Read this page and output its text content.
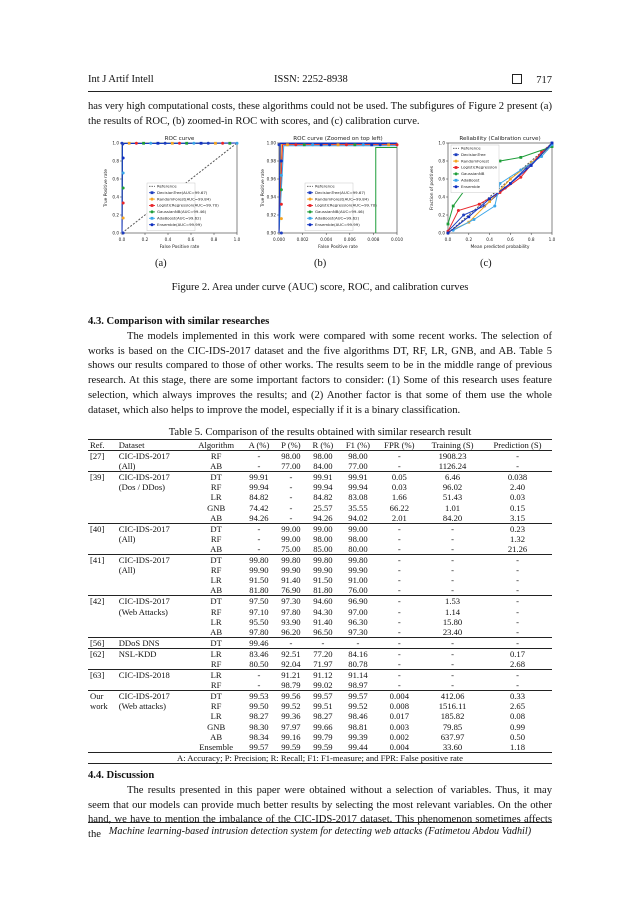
Int J Artif Intell	ISSN: 2252-8938	717

has very high computational costs, these algorithms could not be used. The subfigures of Figure 2 present (a) the results of ROC, (b) zoomed-in ROC with scores, and (c) calibration curve.

ROC curve
0.0	0.2	0.4	0.6	0.8	1.0
1.0
0.8
0.6
0.4
0.2
0.0
False Positive rate
True Positive rate
ROC curve (Zoomed on top left)
0.000	0.002	0.004	0.006	0.008	0.010
1.00
0.98
0.96
0.94
0.92
0.90
False Positive rate
True Positive rate
Reliability (Calibration curve)
0.0	0.2	0.4	0.6	0.8	1.0
1.0
0.8
0.6
0.4
0.2
0.0
Mean predicted probability
Fraction of positives
Reference
DecisionTree(AUC=99.67)
RandomForest(AUC=99.84)
LogisticRegression(AUC=99.70)
GaussianNB(AUC=99.46)
AdaBoost(AUC=99.62)
Ensemble(AUC=99.99)
Reference
DecisionTree(AUC=99.67)
RandomForest(AUC=99.84)
LogisticRegression(AUC=99.70)
GaussianNB(AUC=99.46)
AdaBoost(AUC=99.62)
Ensemble(AUC=99.99)
Reference
DecisionTree
RandomForest
LogisticRegression
GaussianNB
AdaBoost
Ensemble
(a)	(b)	(c)
Figure 2. Area under curve (AUC) score, ROC, and calibration curves
4.3. Comparison with similar researches

The models implemented in this work were compared with some recent works. The selection of works is based on the CIC-IDS-2017 dataset and the five algorithms DT, RF, LR, GNB, and AB. Table 5 shows our results compared to those of other works. The results seem to be in the middle range of previous research. At this stage, there are some important factors to consider: (1) Some of this research uses feature selection, which always improves the results; and (2) Another factor is that some of them use the whole dataset, which also helps to improve the model, especially if it is a binary classification.

Table 5. Comparison of the results obtained with similar research result
Ref.	Dataset	Algorithm	A (%)	P (%)	R (%)	F1 (%)	FPR (%)	Training (S)	Prediction (S)
[27]	CIC-IDS-2017	RF	-	98.00	98.00	98.00	-	1908.23	-
	(All)	AB	-	77.00	84.00	77.00	-	1126.24	-
[39]	CIC-IDS-2017	DT	99.91	-	99.91	99.91	0.05	6.46	0.038
	(Dos / DDos)	RF	99.94	-	99.94	99.94	0.03	96.02	2.40
		LR	84.82	-	84.82	83.08	1.66	51.43	0.03
		GNB	74.42	-	25.57	35.55	66.22	1.01	0.15
		AB	94.26	-	94.26	94.02	2.01	84.20	3.15
[40]	CIC-IDS-2017	DT	-	99.00	99.00	99.00	-	-	0.23
	(All)	RF	-	99.00	98.00	98.00	-	-	1.32
		AB	-	75.00	85.00	80.00	-	-	21.26
[41]	CIC-IDS-2017	DT	99.80	99.80	99.80	99.80	-	-	-
	(All)	RF	99.90	99.90	99.90	99.90	-	-	-
		LR	91.50	91.40	91.50	91.00	-	-	-
		AB	81.80	76.90	81.80	76.00	-	-	-
[42]	CIC-IDS-2017	DT	97.50	97.30	94.60	96.90	-	1.53	-
	(Web Attacks)	RF	97.10	97.80	94.30	97.00	-	1.14	-
		LR	95.50	93.90	91.40	96.30	-	15.80	-
		AB	97.80	96.20	96.50	97.30	-	23.40	-
[56]	DDoS DNS	DT	99.46	-	-	-	-	-	-
[62]	NSL-KDD	LR	83.46	92.51	77.20	84.16	-	-	0.17
		RF	80.50	92.04	71.97	80.78	-	-	2.68
[63]	CIC-IDS-2018	LR	-	91.21	91.12	91.14	-	-	-
		RF	-	98.79	99.02	98.97	-	-	-
Our	CIC-IDS-2017	DT	99.53	99.56	99.57	99.57	0.004	412.06	0.33
work	(Web attacks)	RF	99.50	99.52	99.51	99.52	0.008	1516.11	2.65
		LR	98.27	99.36	98.27	98.46	0.017	185.82	0.08
		GNB	98.30	97.97	99.66	98.81	0.003	79.85	0.99
		AB	98.34	99.16	99.79	99.39	0.002	637.97	0.50
		Ensemble	99.57	99.59	99.59	99.44	0.004	33.60	1.18
A: Accuracy; P: Precision; R: Recall; F1: F1-measure; and FPR: False positive rate									
4.4. Discussion

The results presented in this paper were obtained without a selection of variables. Thus, it may seem that our models can provide much better results by selecting the most relevant variables. On the other hand, we have to mention the imbalance of the CIC-IDS-2017 dataset. This phenomenon sometimes affects the Machine learning-based intrusion detection system for detecting web attacks (Fatimetou Abdou Vadhil)
